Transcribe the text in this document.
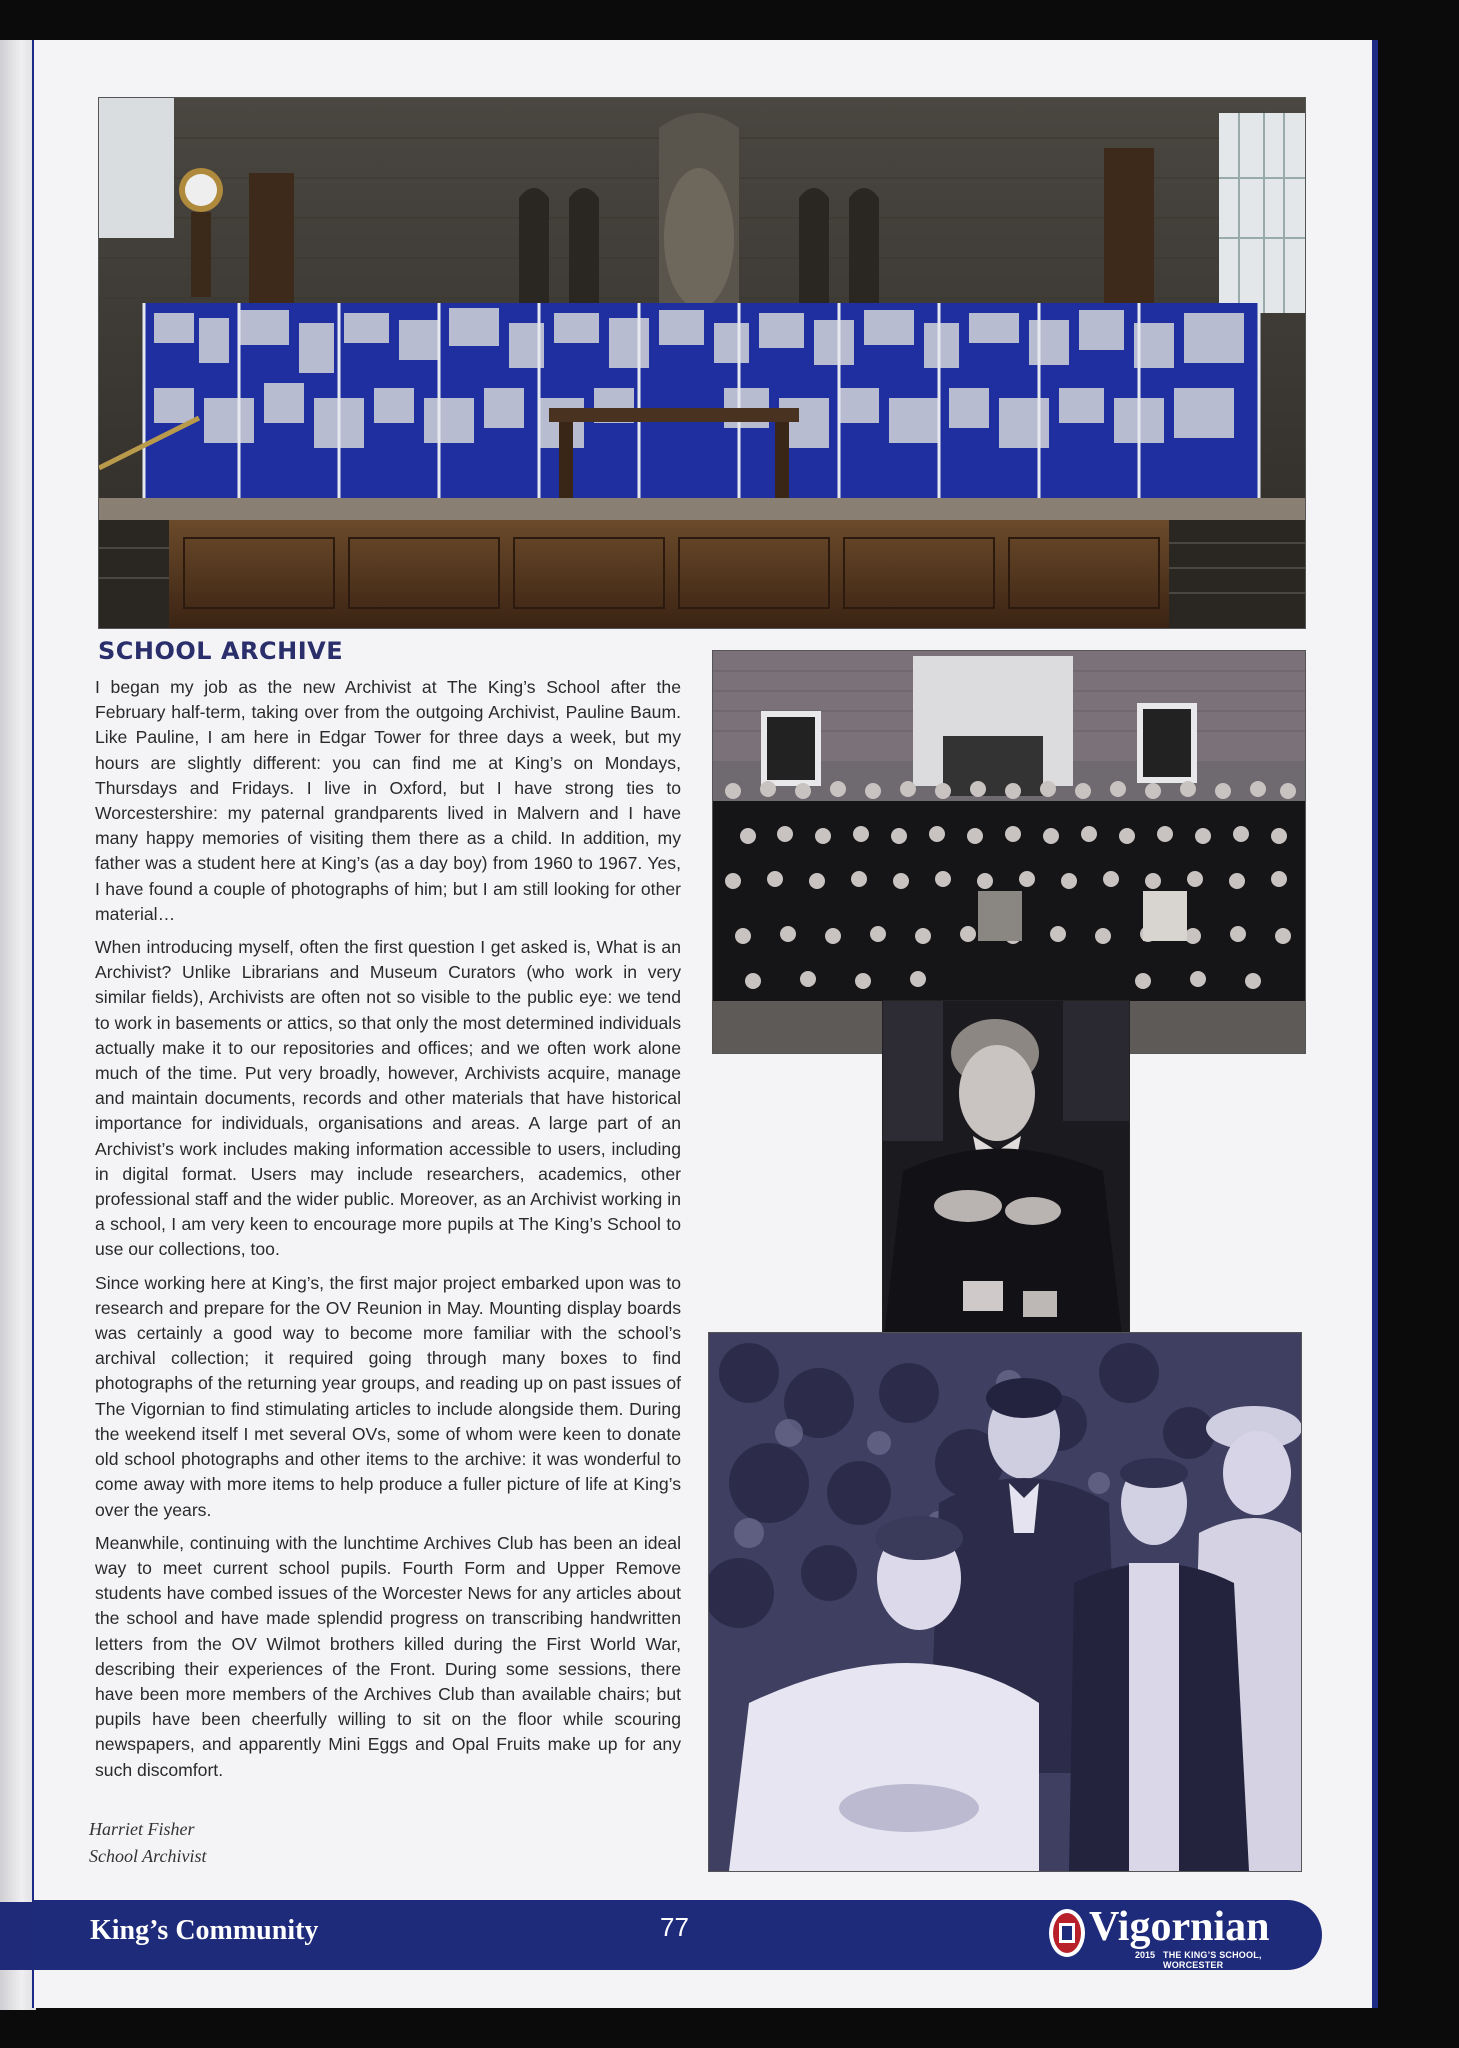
SCHOOL ARCHIVE

I began my job as the new Archivist at The King’s School after the February half-term, taking over from the outgoing Archivist, Pauline Baum. Like Pauline, I am here in Edgar Tower for three days a week, but my hours are slightly different: you can find me at King’s on Mondays, Thursdays and Fridays. I live in Oxford, but I have strong ties to Worcestershire: my paternal grandparents lived in Malvern and I have many happy memories of visiting them there as a child. In addition, my father was a student here at King’s (as a day boy) from 1960 to 1967. Yes, I have found a couple of photographs of him; but I am still looking for other material…

When introducing myself, often the first question I get asked is, What is an Archivist? Unlike Librarians and Museum Curators (who work in very similar fields), Archivists are often not so visible to the public eye: we tend to work in basements or attics, so that only the most determined individuals actually make it to our repositories and offices; and we often work alone much of the time. Put very broadly, however, Archivists acquire, manage and maintain documents, records and other materials that have historical importance for individuals, organisations and areas. A large part of an Archivist’s work includes making information accessible to users, including in digital format. Users may include researchers, academics, other professional staff and the wider public. Moreover, as an Archivist working in a school, I am very keen to encourage more pupils at The King’s School to use our collections, too.

Since working here at King’s, the first major project embarked upon was to research and prepare for the OV Reunion in May. Mounting display boards was certainly a good way to become more familiar with the school’s archival collection; it required going through many boxes to find photographs of the returning year groups, and reading up on past issues of The Vigornian to find stimulating articles to include alongside them. During the weekend itself I met several OVs, some of whom were keen to donate old school photographs and other items to the archive: it was wonderful to come away with more items to help produce a fuller picture of life at King’s over the years.

Meanwhile, continuing with the lunchtime Archives Club has been an ideal way to meet current school pupils. Fourth Form and Upper Remove students have combed issues of the Worcester News for any articles about the school and have made splendid progress on transcribing handwritten letters from the OV Wilmot brothers killed during the First World War, describing their experiences of the Front. During some sessions, there have been more members of the Archives Club than available chairs; but pupils have been cheerfully willing to sit on the floor while scouring newspapers, and apparently Mini Eggs and Opal Fruits make up for any such discomfort.

Harriet Fisher
School Archivist
King’s Community	77	Vigornian
2015 THE KING’S SCHOOL, WORCESTER
